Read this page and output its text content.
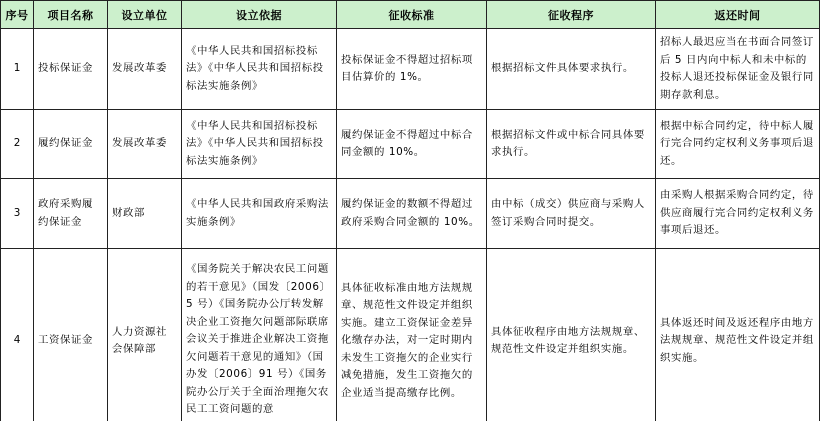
序号	项目名称	设立单位	设立依据	征收标准	征收程序	返还时间
1	投标保证金	发展改革委	《中华人民共和国招标投标法》《中华人民共和国招标投标法实施条例》	投标保证金不得超过招标项目估算价的 1%。	根据招标文件具体要求执行。	招标人最迟应当在书面合同签订后 5 日内向中标人和未中标的投标人退还投标保证金及银行同期存款利息。
2	履约保证金	发展改革委	《中华人民共和国招标投标法》《中华人民共和国招标投标法实施条例》	履约保证金不得超过中标合同金额的 10%。	根据招标文件或中标合同具体要求执行。	根据中标合同约定，待中标人履行完合同约定权利义务事项后退还。
3	政府采购履约保证金	财政部	《中华人民共和国政府采购法实施条例》	履约保证金的数额不得超过政府采购合同金额的 10%。	由中标（成交）供应商与采购人签订采购合同时提交。	由采购人根据采购合同约定，待供应商履行完合同约定权利义务事项后退还。
4	工资保证金	人力资源社会保障部	《国务院关于解决农民工问题的若干意见》（国发〔2006〕5 号）《国务院办公厅转发解决企业工资拖欠问题部际联席会议关于推进企业解决工资拖欠问题若干意见的通知》（国办发〔2006〕91 号）《国务院办公厅关于全面治理拖欠农民工工资问题的意	具体征收标准由地方法规规章、规范性文件设定并组织实施。建立工资保证金差异化缴存办法，对一定时期内未发生工资拖欠的企业实行减免措施，发生工资拖欠的企业适当提高缴存比例。	具体征收程序由地方法规规章、规范性文件设定并组织实施。	具体返还时间及返还程序由地方法规规章、规范性文件设定并组织实施。
